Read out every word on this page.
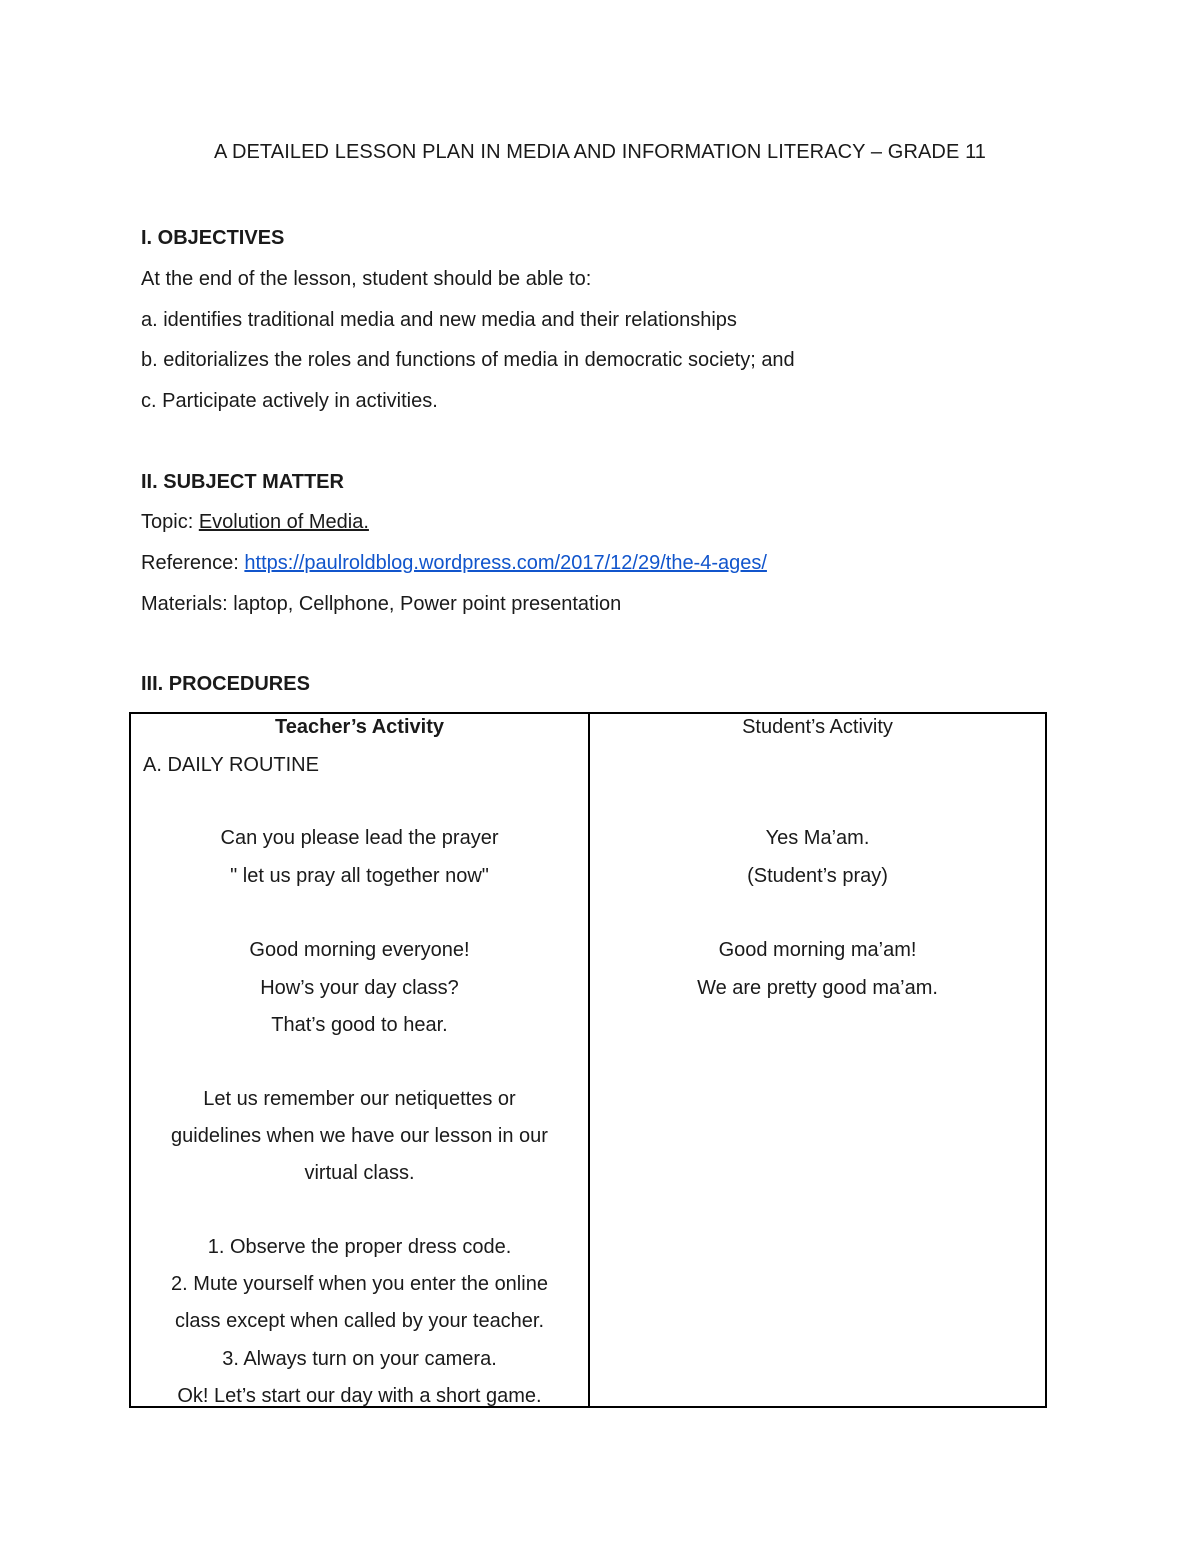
A DETAILED LESSON PLAN IN MEDIA AND INFORMATION LITERACY – GRADE 11
I. OBJECTIVES
At the end of the lesson, student should be able to:
a. identifies traditional media and new media and their relationships
b. editorializes the roles and functions of media in democratic society; and
c. Participate actively in activities.
II. SUBJECT MATTER
Topic: Evolution of Media.
Reference: https://paulroldblog.wordpress.com/2017/12/29/the-4-ages/
Materials: laptop, Cellphone, Power point presentation
III. PROCEDURES
Teacher’s Activity
A. DAILY ROUTINE
Can you please lead the prayer
" let us pray all together now"
Good morning everyone!
How’s your day class?
That’s good to hear.
Let us remember our netiquettes or
guidelines when we have our lesson in our
virtual class.
1. Observe the proper dress code.
2. Mute yourself when you enter the online
class except when called by your teacher.
3. Always turn on your camera.
Ok! Let’s start our day with a short game.
Student’s Activity
Yes Ma’am.
(Student’s pray)
Good morning ma’am!
We are pretty good ma’am.
